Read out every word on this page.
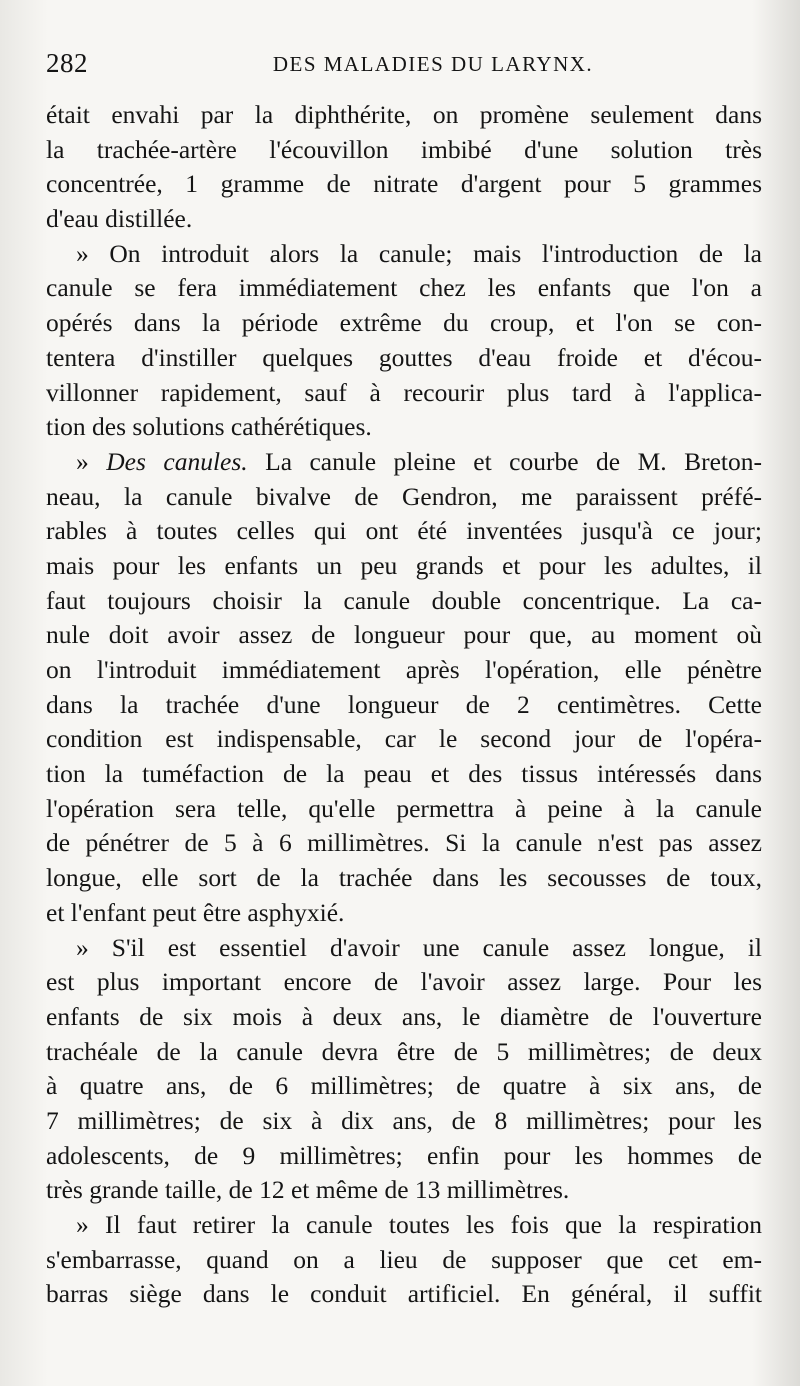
282	DES MALADIES DU LARYNX.
était envahi par la diphthérite, on promène seulement dans
la trachée-artère l'écouvillon imbibé d'une solution très
concentrée, 1 gramme de nitrate d'argent pour 5 grammes
d'eau distillée.
» On introduit alors la canule; mais l'introduction de la
canule se fera immédiatement chez les enfants que l'on a
opérés dans la période extrême du croup, et l'on se con-
tentera d'instiller quelques gouttes d'eau froide et d'écou-
villonner rapidement, sauf à recourir plus tard à l'applica-
tion des solutions cathérétiques.
» Des canules. La canule pleine et courbe de M. Breton-
neau, la canule bivalve de Gendron, me paraissent préfé-
rables à toutes celles qui ont été inventées jusqu'à ce jour;
mais pour les enfants un peu grands et pour les adultes, il
faut toujours choisir la canule double concentrique. La ca-
nule doit avoir assez de longueur pour que, au moment où
on l'introduit immédiatement après l'opération, elle pénètre
dans la trachée d'une longueur de 2 centimètres. Cette
condition est indispensable, car le second jour de l'opéra-
tion la tuméfaction de la peau et des tissus intéressés dans
l'opération sera telle, qu'elle permettra à peine à la canule
de pénétrer de 5 à 6 millimètres. Si la canule n'est pas assez
longue, elle sort de la trachée dans les secousses de toux,
et l'enfant peut être asphyxié.
» S'il est essentiel d'avoir une canule assez longue, il
est plus important encore de l'avoir assez large. Pour les
enfants de six mois à deux ans, le diamètre de l'ouverture
trachéale de la canule devra être de 5 millimètres; de deux
à quatre ans, de 6 millimètres; de quatre à six ans, de
7 millimètres; de six à dix ans, de 8 millimètres; pour les
adolescents, de 9 millimètres; enfin pour les hommes de
très grande taille, de 12 et même de 13 millimètres.
» Il faut retirer la canule toutes les fois que la respiration
s'embarrasse, quand on a lieu de supposer que cet em-
barras siège dans le conduit artificiel. En général, il suffit
